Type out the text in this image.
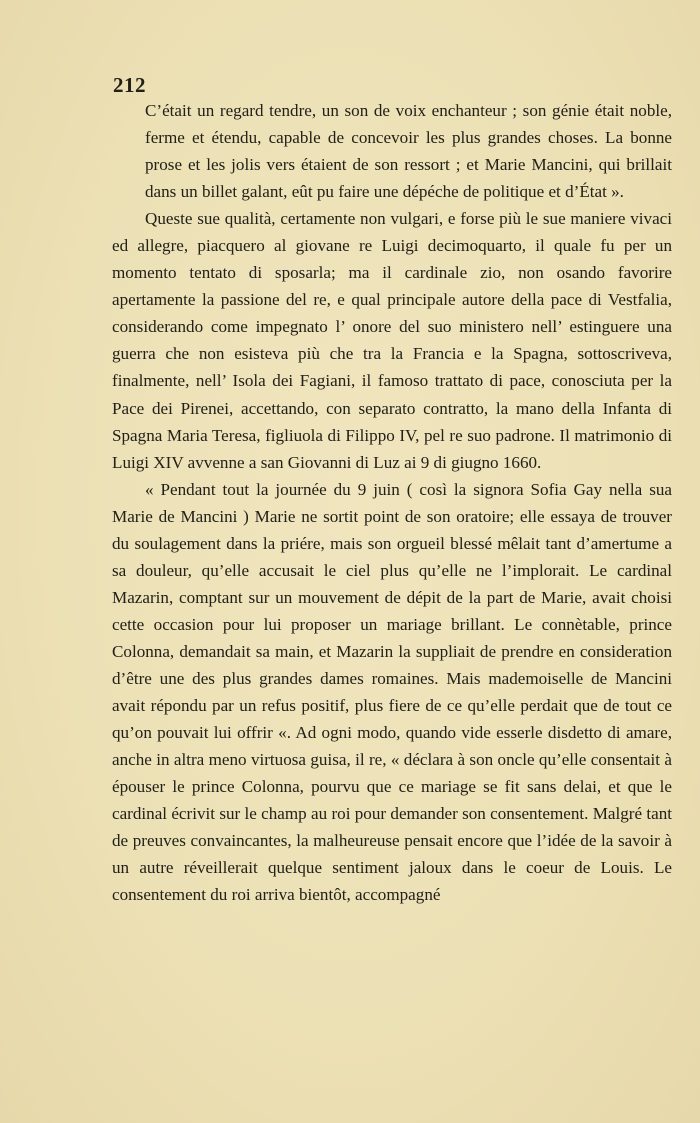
212

C’était un regard tendre, un son de voix enchanteur ; son génie était noble, ferme et étendu, capable de concevoir les plus grandes choses. La bonne prose et les jolis vers étaient de son ressort ; et Marie Mancini, qui brillait dans un billet galant, eût pu faire une dépéche de politique et d’État ».

Queste sue qualità, certamente non vulgari, e forse più le sue maniere vivaci ed allegre, piacquero al giovane re Luigi decimoquarto, il quale fu per un momento tentato di sposarla; ma il cardinale zio, non osando favorire apertamente la passione del re, e qual principale autore della pace di Vestfalia, considerando come impegnato l’ onore del suo ministero nell’ estinguere una guerra che non esisteva più che tra la Francia e la Spagna, sottoscriveva, finalmente, nell’ Isola dei Fagiani, il famoso trattato di pace, conosciuta per la Pace dei Pirenei, accettando, con separato contratto, la mano della Infanta di Spagna Maria Teresa, figliuola di Filippo IV, pel re suo padrone. Il matrimonio di Luigi XIV avvenne a san Giovanni di Luz ai 9 di giugno 1660.

« Pendant tout la journée du 9 juin ( così la signora Sofia Gay nella sua Marie de Mancini ) Marie ne sortit point de son oratoire; elle essaya de trouver du soulagement dans la priére, mais son orgueil blessé mêlait tant d’amertume a sa douleur, qu’elle accusait le ciel plus qu’elle ne l’implorait. Le cardinal Mazarin, comptant sur un mouvement de dépit de la part de Marie, avait choisi cette occasion pour lui proposer un mariage brillant. Le connètable, prince Colonna, demandait sa main, et Mazarin la suppliait de prendre en consideration d’être une des plus grandes dames romaines. Mais mademoiselle de Mancini avait répondu par un refus positif, plus fiere de ce qu’elle perdait que de tout ce qu’on pouvait lui offrir «. Ad ogni modo, quando vide esserle disdetto di amare, anche in altra meno virtuosa guisa, il re, « déclara à son oncle qu’elle consentait à épouser le prince Colonna, pourvu que ce mariage se fit sans delai, et que le cardinal écrivit sur le champ au roi pour demander son consentement. Malgré tant de preuves convaincantes, la malheureuse pensait encore que l’idée de la savoir à un autre réveillerait quelque sentiment jaloux dans le coeur de Louis. Le consentement du roi arriva bientôt, accompagné
